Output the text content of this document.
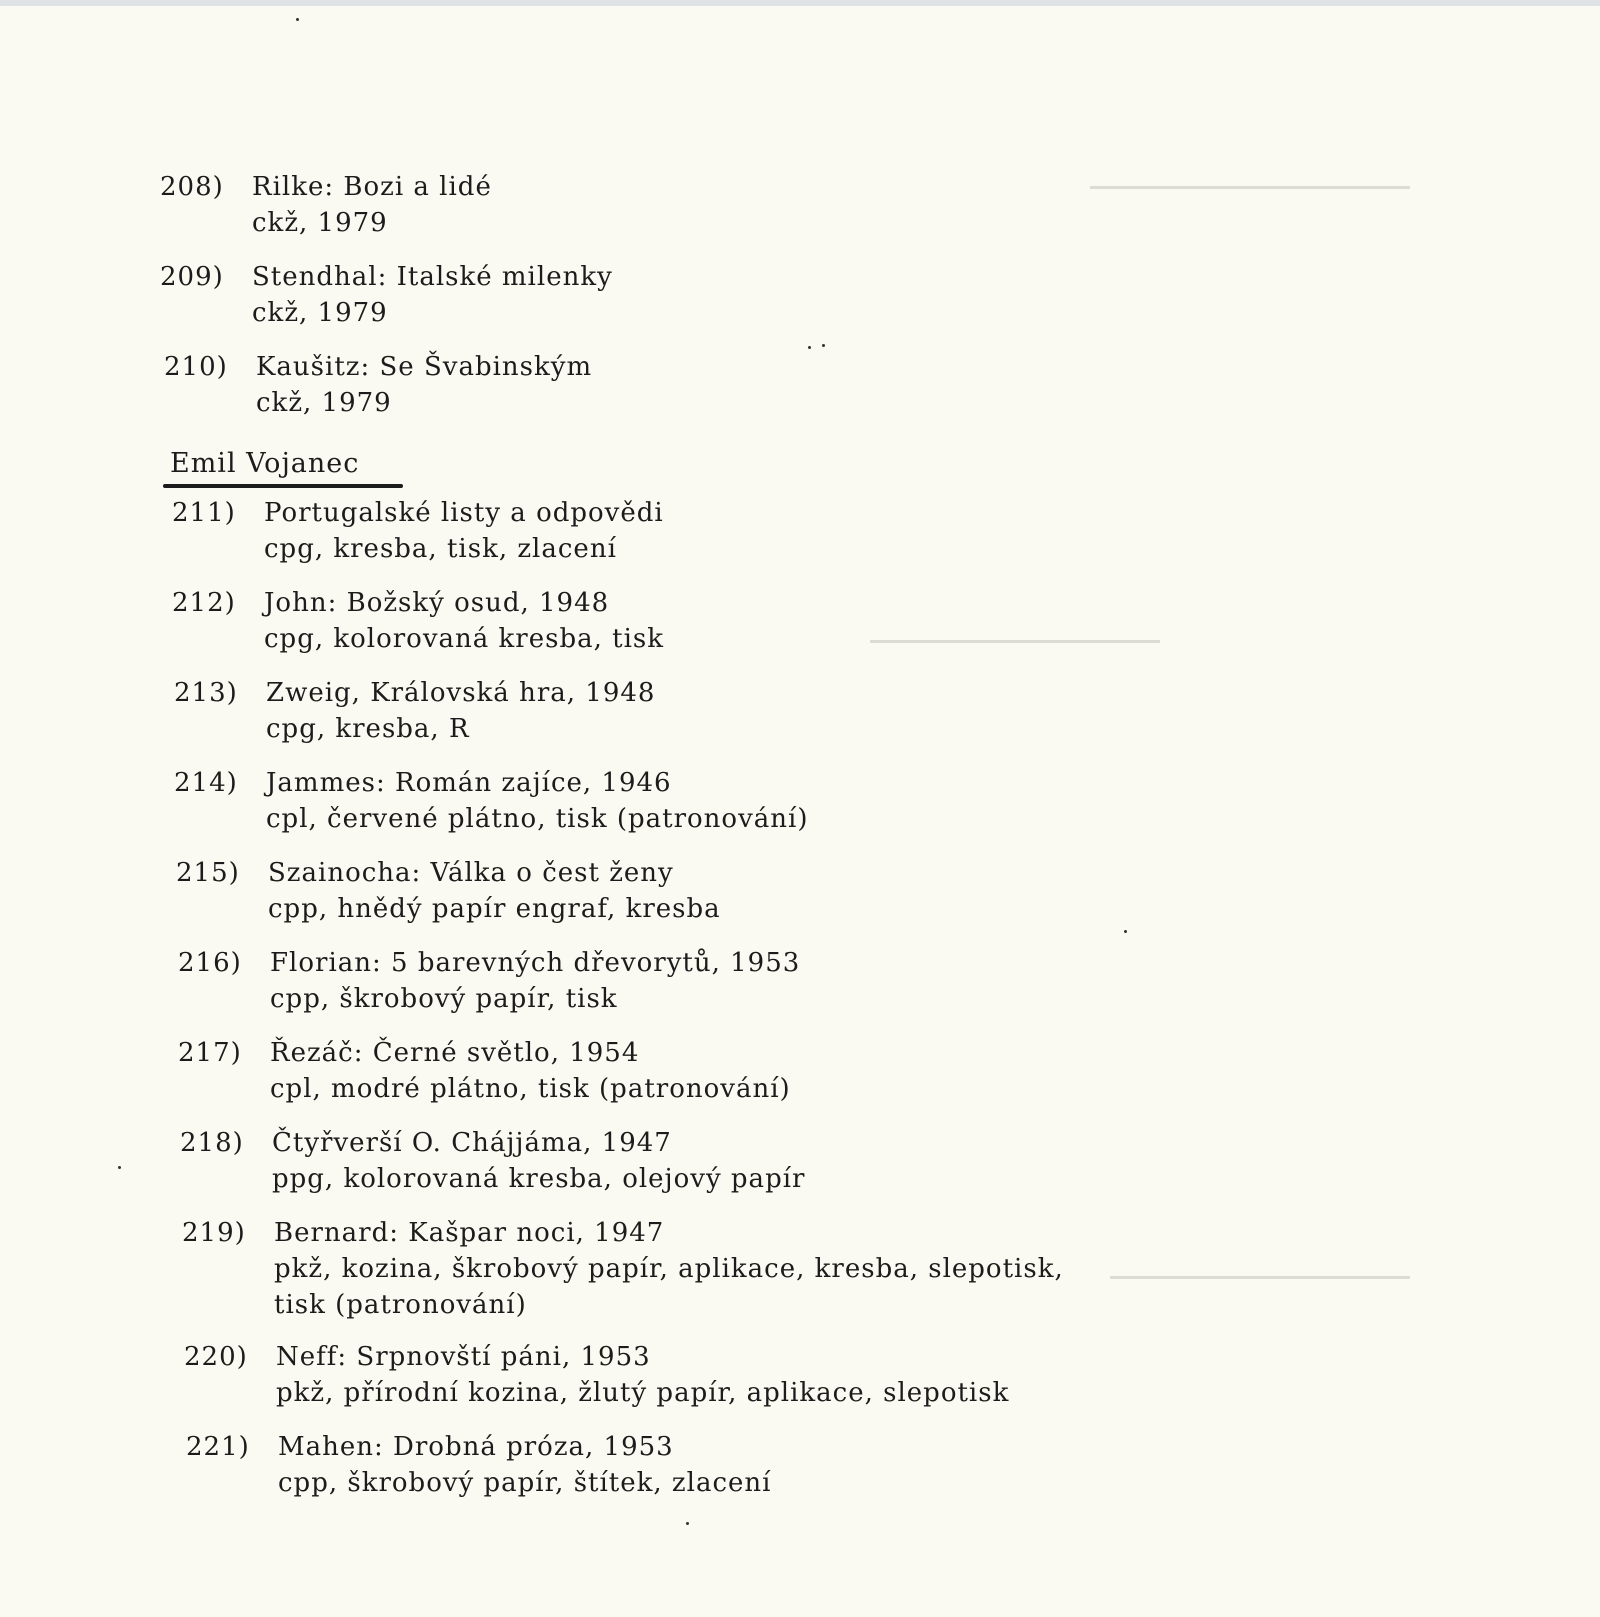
208)	Rilke: Bozi a lidé
ckž, 1979
209)	Stendhal: Italské milenky
ckž, 1979
210)	Kaušitz: Se Švabinským
ckž, 1979
Emil Vojanec
211)	Portugalské listy a odpovědi
cpg, kresba, tisk, zlacení
212)	John: Božský osud, 1948
cpg, kolorovaná kresba, tisk
213)	Zweig, Královská hra, 1948
cpg, kresba, R
214)	Jammes: Román zajíce, 1946
cpl, červené plátno, tisk (patronování)
215)	Szainocha: Válka o čest ženy
cpp, hnědý papír engraf, kresba
216)	Florian: 5 barevných dřevorytů, 1953
cpp, škrobový papír, tisk
217)	Řezáč: Černé světlo, 1954
cpl, modré plátno, tisk (patronování)
218)	Čtyřverší O. Chájjáma, 1947
ppg, kolorovaná kresba, olejový papír
219)	Bernard: Kašpar noci, 1947
pkž, kozina, škrobový papír, aplikace, kresba, slepotisk,
tisk (patronování)
220)	Neff: Srpnovští páni, 1953
pkž, přírodní kozina, žlutý papír, aplikace, slepotisk
221)	Mahen: Drobná próza, 1953
cpp, škrobový papír, štítek, zlacení
